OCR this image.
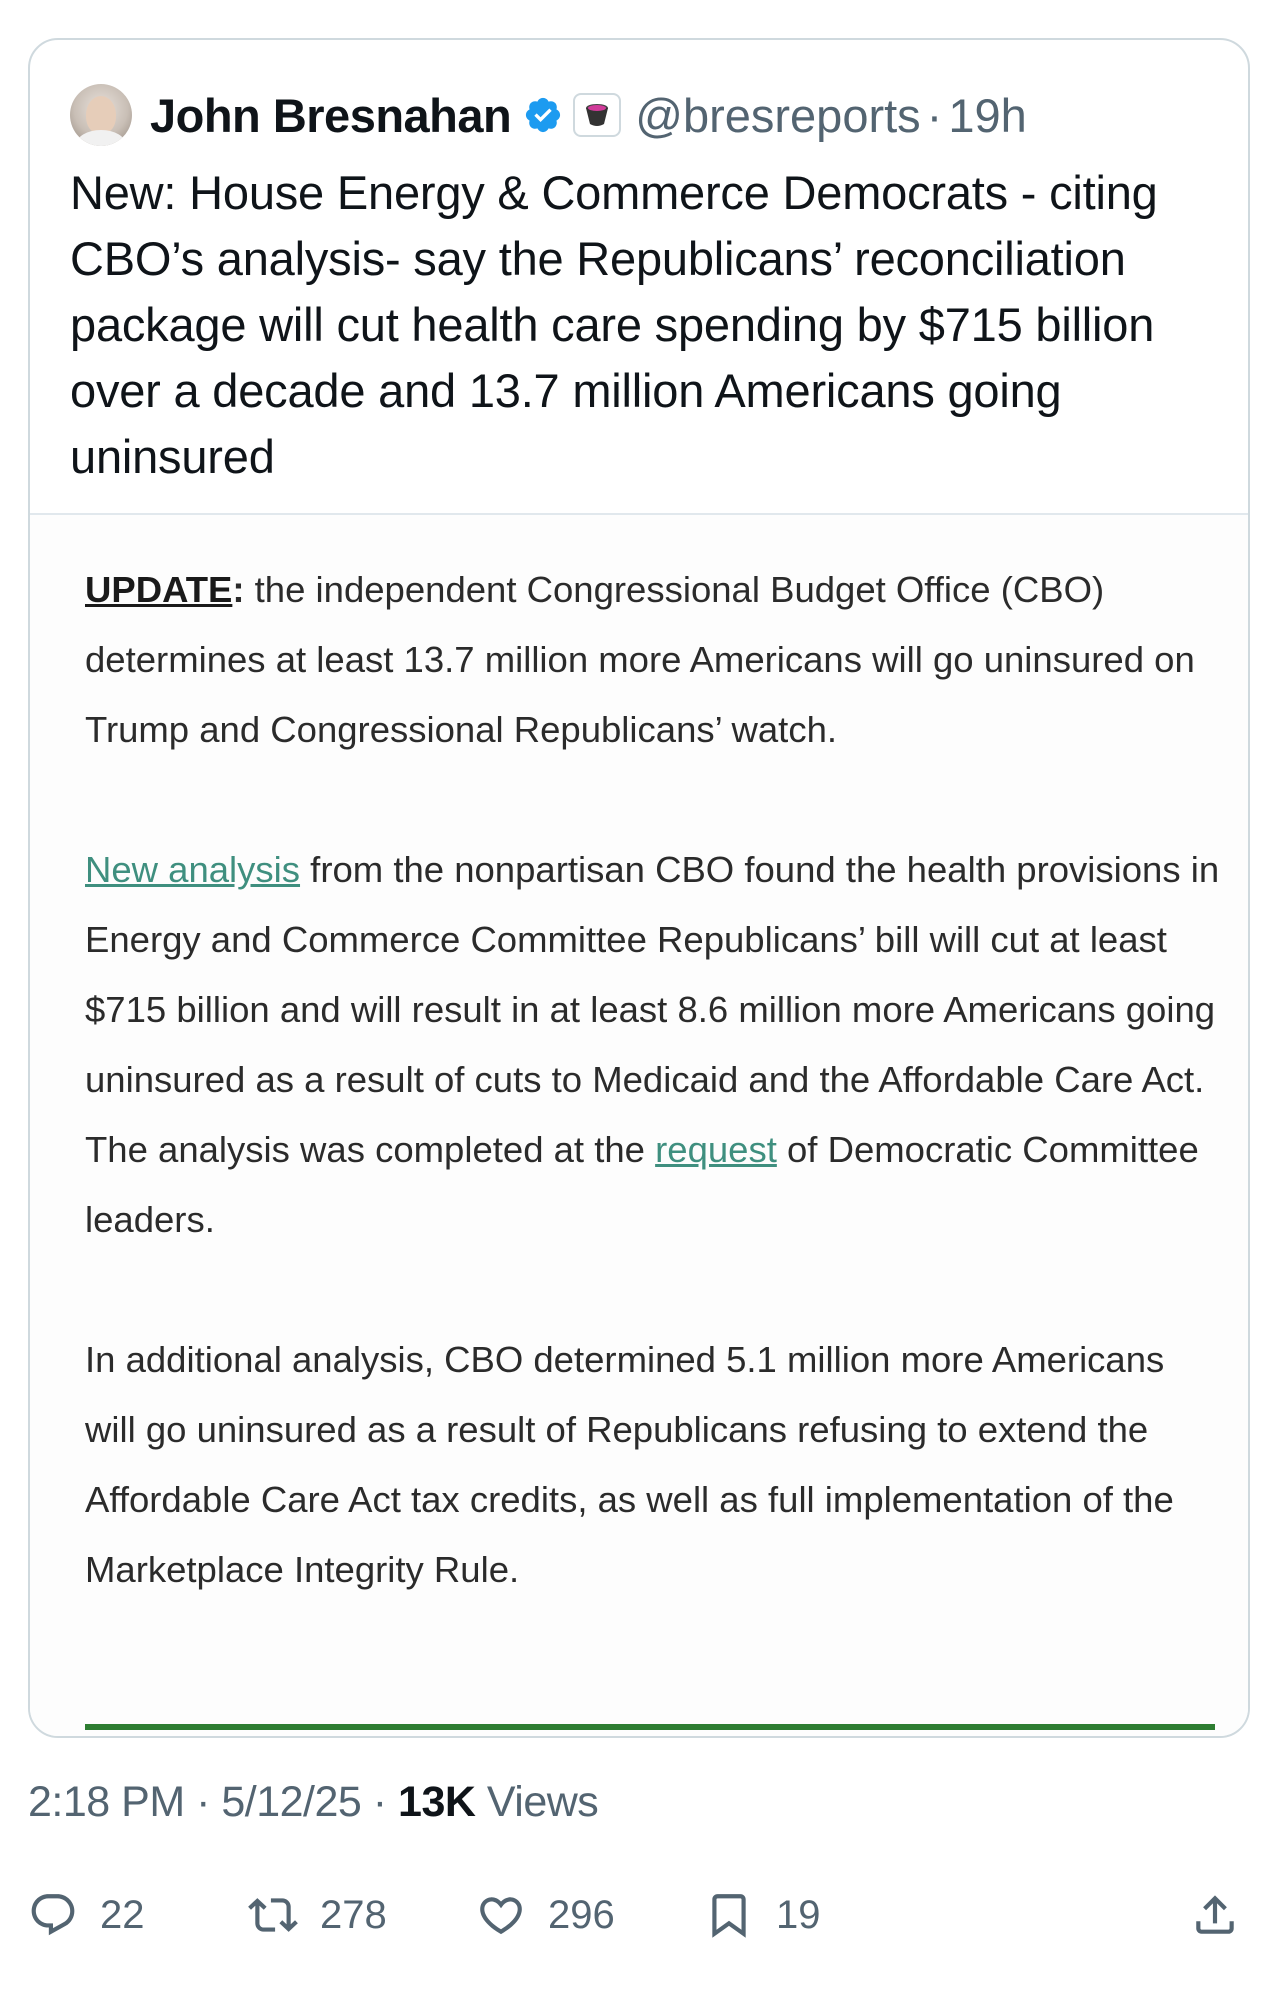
John Bresnahan	@bresreports · 19h
New: House Energy & Commerce Democrats - citing CBO’s analysis- say the Republicans’ reconciliation package will cut health care spending by $715 billion over a decade and 13.7 million Americans going uninsured

UPDATE: the independent Congressional Budget Office (CBO) determines at least 13.7 million more Americans will go uninsured on Trump and Congressional Republicans’ watch.

New analysis from the nonpartisan CBO found the health provisions in Energy and Commerce Committee Republicans’ bill will cut at least $715 billion and will result in at least 8.6 million more Americans going uninsured as a result of cuts to Medicaid and the Affordable Care Act. The analysis was completed at the request of Democratic Committee leaders.

In additional analysis, CBO determined 5.1 million more Americans will go uninsured as a result of Republicans refusing to extend the Affordable Care Act tax credits, as well as full implementation of the Marketplace Integrity Rule.

2:18 PM · 5/12/25 · 13K Views
22	278	296	19
